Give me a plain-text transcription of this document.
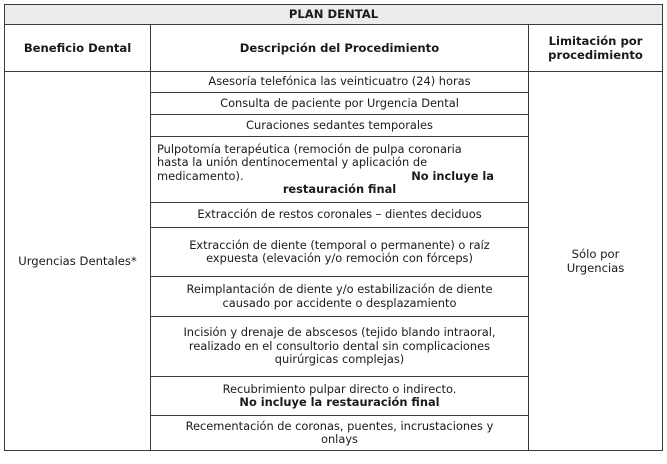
PLAN DENTAL		
Beneficio Dental	Descripción del Procedimiento	Limitación por
procedimiento
Urgencias Dentales*	Asesoría telefónica las veinticuatro (24) horas	Sólo por
Urgencias
	Consulta de paciente por Urgencia Dental	
	Curaciones sedantes temporales	

	Pulpotomía terapéutica (remoción de pulpa coronaria
hasta la unión dentinocemental y aplicación de
medicamento). No incluye la
restauración final	

	Extracción de restos coronales – dientes deciduos	
	Extracción de diente (temporal o permanente) o raíz
expuesta (elevación y/o remoción con fórceps)	
	Reimplantación de diente y/o estabilización de diente
causado por accidente o desplazamiento	
	Incisión y drenaje de abscesos (tejido blando intraoral,
realizado en el consultorio dental sin complicaciones
quirúrgicas complejas)	
	Recubrimiento pulpar directo o indirecto.
No incluye la restauración final	
	Recementación de coronas, puentes, incrustaciones y
onlays	
